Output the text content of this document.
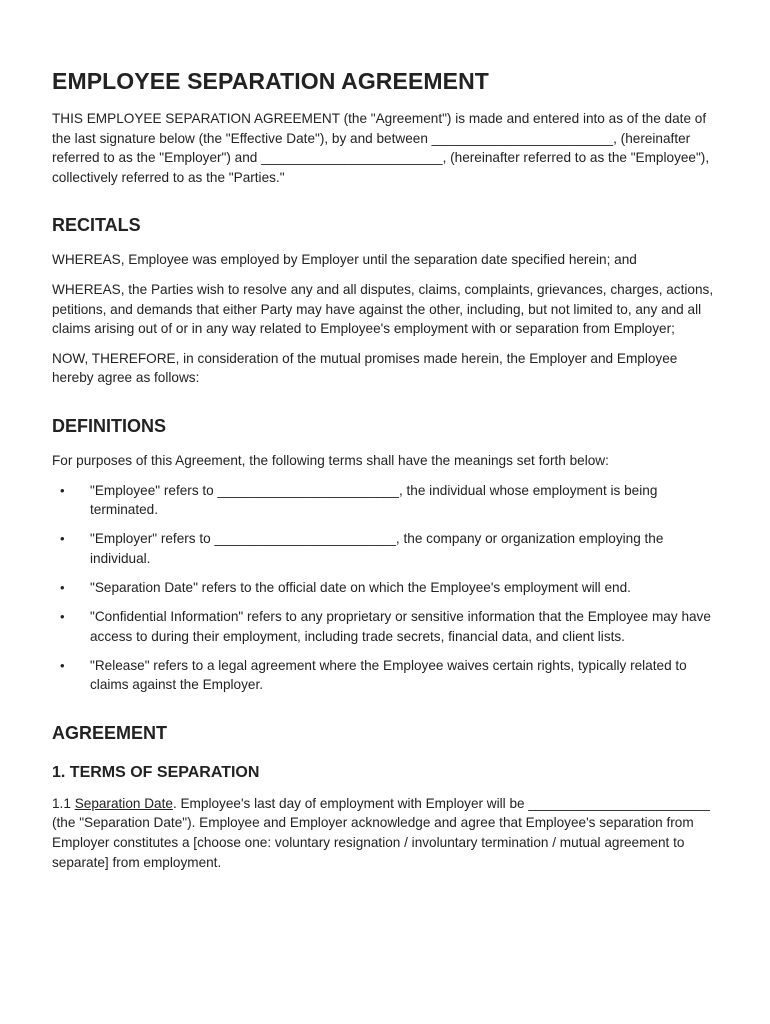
EMPLOYEE SEPARATION AGREEMENT

THIS EMPLOYEE SEPARATION AGREEMENT (the "Agreement") is made and entered into as of the date of the last signature below (the "Effective Date"), by and between ________________________, (hereinafter referred to as the "Employer") and ________________________, (hereinafter referred to as the "Employee"), collectively referred to as the "Parties."

RECITALS

WHEREAS, Employee was employed by Employer until the separation date specified herein; and

WHEREAS, the Parties wish to resolve any and all disputes, claims, complaints, grievances, charges, actions, petitions, and demands that either Party may have against the other, including, but not limited to, any and all claims arising out of or in any way related to Employee's employment with or separation from Employer;

NOW, THEREFORE, in consideration of the mutual promises made herein, the Employer and Employee hereby agree as follows:

DEFINITIONS

For purposes of this Agreement, the following terms shall have the meanings set forth below:

• "Employee" refers to ________________________, the individual whose employment is being terminated.
• "Employer" refers to ________________________, the company or organization employing the individual.
• "Separation Date" refers to the official date on which the Employee's employment will end.
• "Confidential Information" refers to any proprietary or sensitive information that the Employee may have access to during their employment, including trade secrets, financial data, and client lists.
• "Release" refers to a legal agreement where the Employee waives certain rights, typically related to claims against the Employer.
AGREEMENT
1. TERMS OF SEPARATION

1.1 Separation Date. Employee's last day of employment with Employer will be ________________________ (the "Separation Date"). Employee and Employer acknowledge and agree that Employee's separation from Employer constitutes a [choose one: voluntary resignation / involuntary termination / mutual agreement to separate] from employment.
